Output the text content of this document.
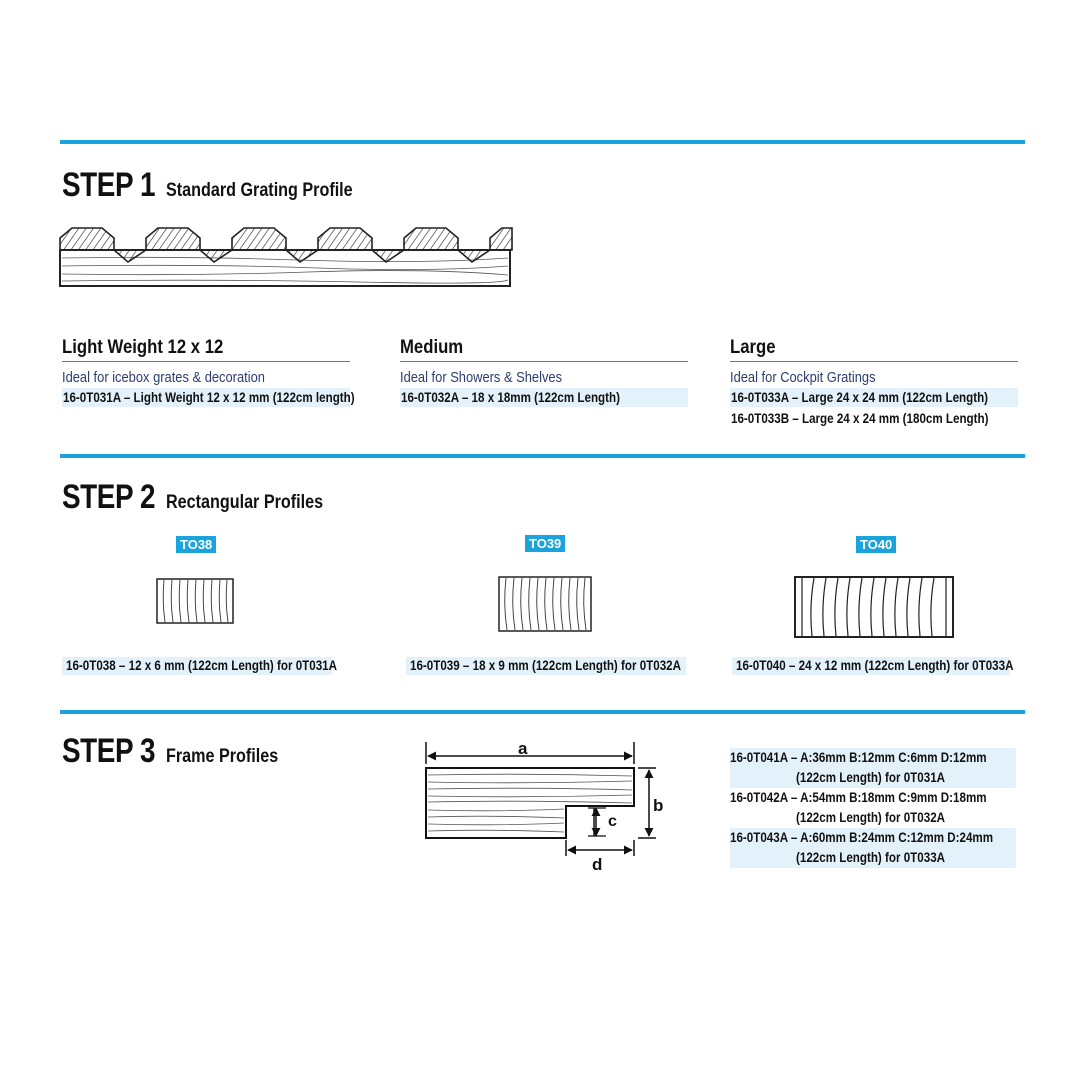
STEP 1 Standard Grating Profile
Light Weight 12 x 12
Ideal for icebox grates & decoration
16-0T031A – Light Weight 12 x 12 mm (122cm length)
Medium
Ideal for Showers & Shelves
16-0T032A – 18 x 18mm (122cm Length)
Large
Ideal for Cockpit Gratings
16-0T033A – Large 24 x 24 mm (122cm Length)
16-0T033B – Large 24 x 24 mm (180cm Length)
STEP 2 Rectangular Profiles
TO38	TO39	TO40
16-0T038 – 12 x 6 mm (122cm Length) for 0T031A	16-0T039 – 18 x 9 mm (122cm Length) for 0T032A	16-0T040 – 24 x 12 mm (122cm Length) for 0T033A
STEP 3 Frame Profiles	a
b
c
d
16-0T041A – A:36mm B:12mm C:6mm D:12mm
(122cm Length) for 0T031A
16-0T042A – A:54mm B:18mm C:9mm D:18mm
(122cm Length) for 0T032A
16-0T043A – A:60mm B:24mm C:12mm D:24mm
(122cm Length) for 0T033A
